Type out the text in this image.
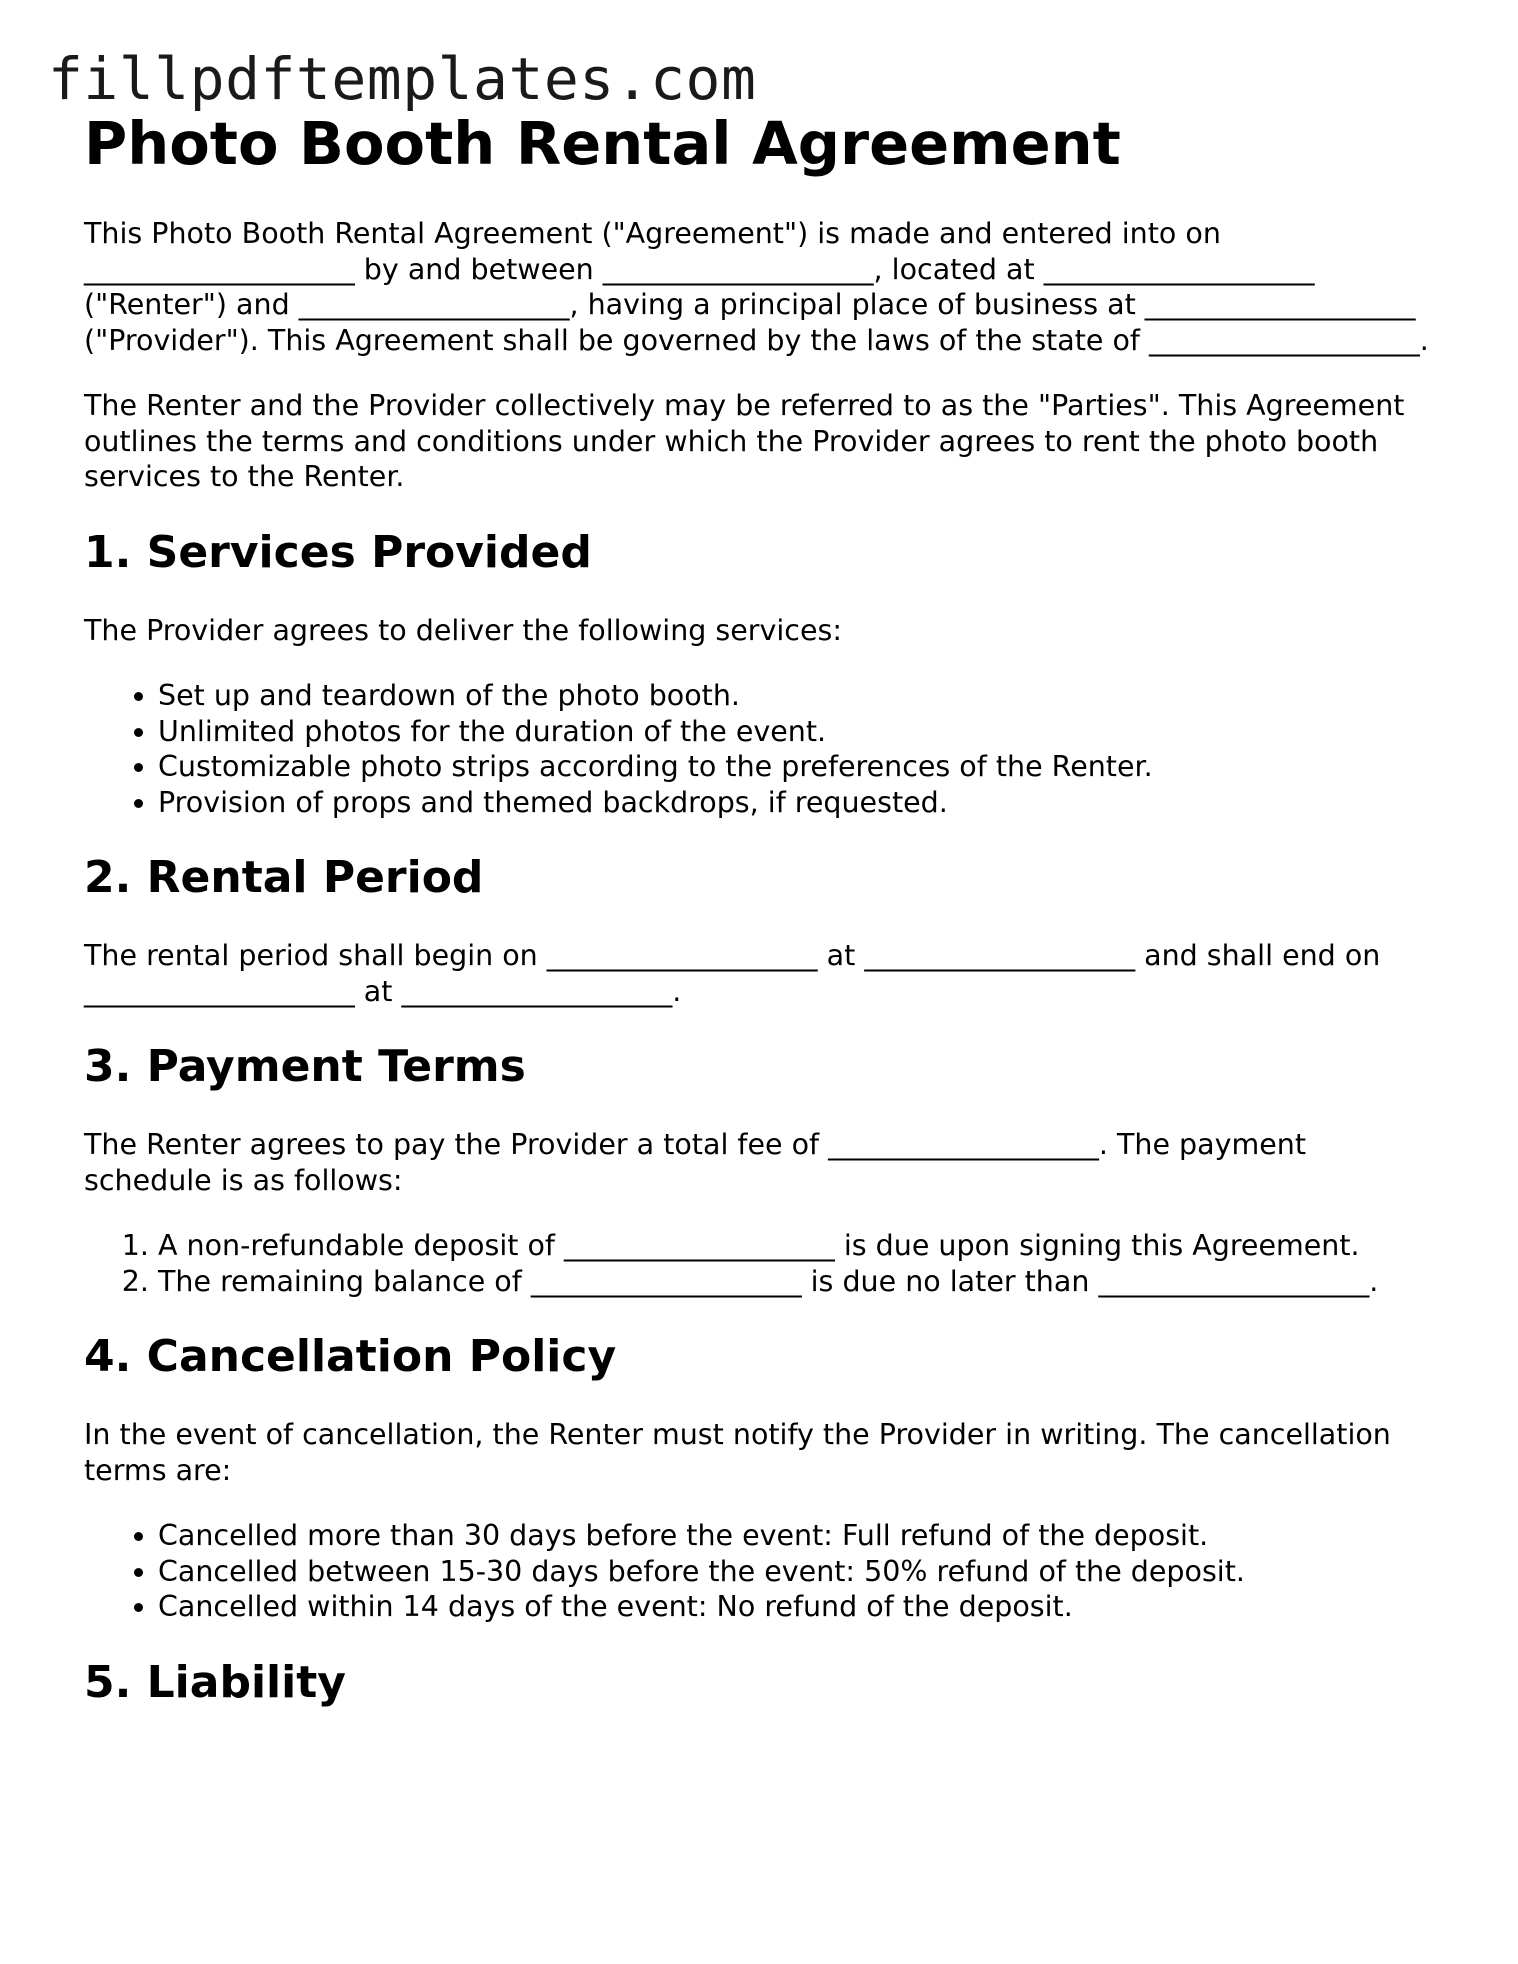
fillpdftemplates.com
Photo Booth Rental Agreement

This Photo Booth Rental Agreement ("Agreement") is made and entered into on ___________________ by and between ___________________, located at ___________________ ("Renter") and ___________________, having a principal place of business at ___________________ ("Provider"). This Agreement shall be governed by the laws of the state of ___________________.

The Renter and the Provider collectively may be referred to as the "Parties". This Agreement outlines the terms and conditions under which the Provider agrees to rent the photo booth services to the Renter.

1. Services Provided

The Provider agrees to deliver the following services:

• Set up and teardown of the photo booth.
• Unlimited photos for the duration of the event.
• Customizable photo strips according to the preferences of the Renter.
• Provision of props and themed backdrops, if requested.
2. Rental Period

The rental period shall begin on ___________________ at ___________________ and shall end on ___________________ at ___________________.

3. Payment Terms

The Renter agrees to pay the Provider a total fee of ___________________. The payment schedule is as follows:

1. A non-refundable deposit of ___________________ is due upon signing this Agreement.
2. The remaining balance of ___________________ is due no later than ___________________.
4. Cancellation Policy

In the event of cancellation, the Renter must notify the Provider in writing. The cancellation terms are:

• Cancelled more than 30 days before the event: Full refund of the deposit.
• Cancelled between 15-30 days before the event: 50% refund of the deposit.
• Cancelled within 14 days of the event: No refund of the deposit.
5. Liability
